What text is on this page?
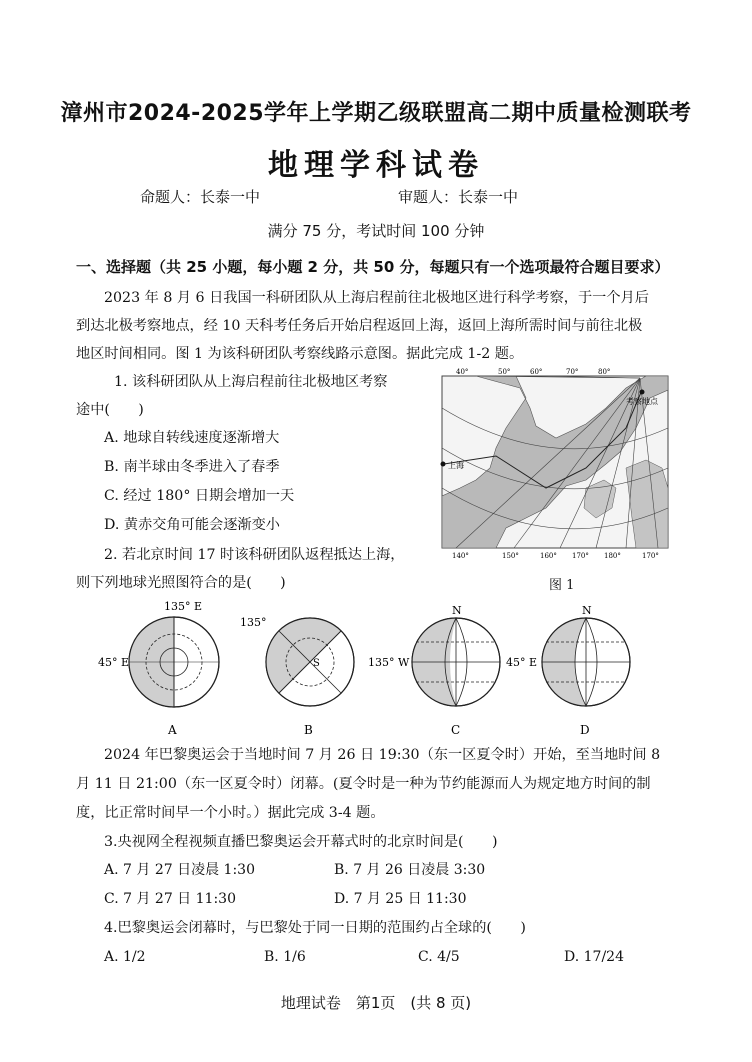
漳州市2024-2025学年上学期乙级联盟高二期中质量检测联考
地理学科试卷
命题人：长泰一中	审题人：长泰一中
满分 75 分，考试时间 100 分钟
一、选择题（共 25 小题，每小题 2 分，共 50 分，每题只有一个选项最符合题目要求）
2023 年 8 月 6 日我国一科研团队从上海启程前往北极地区进行科学考察，于一个月后
到达北极考察地点，经 10 天科考任务后开始启程返回上海，返回上海所需时间与前往北极
地区时间相同。图 1 为该科研团队考察线路示意图。据此完成 1-2 题。
1. 该科研团队从上海启程前往北极地区考察
途中(　　)
A. 地球自转线速度逐渐增大
B. 南半球由冬季进入了春季
C. 经过 180° 日期会增加一天
D. 黄赤交角可能会逐渐变小
2. 若北京时间 17 时该科研团队返程抵达上海，
则下列地球光照图符合的是(　　)
上海
考察地点
40°	50°	60°	70°	80°
140°	150°	160° 170° 180°	170°
图 1
135° E
45° E
A
135°
S
B
N
135° W
C
N
45° E
D
2024 年巴黎奥运会于当地时间 7 月 26 日 19:30（东一区夏令时）开始，至当地时间 8
月 11 日 21:00（东一区夏令时）闭幕。(夏令时是一种为节约能源而人为规定地方时间的制
度，比正常时间早一个小时。）据此完成 3-4 题。
3.央视网全程视频直播巴黎奥运会开幕式时的北京时间是(　　)
A. 7 月 27 日凌晨 1:30	B. 7 月 26 日凌晨 3:30
C. 7 月 27 日 11:30	D. 7 月 25 日 11:30
4.巴黎奥运会闭幕时，与巴黎处于同一日期的范围约占全球的(　　)
A. 1/2	B. 1/6	C. 4/5	D. 17/24
地理试卷　第1页　(共 8 页)
